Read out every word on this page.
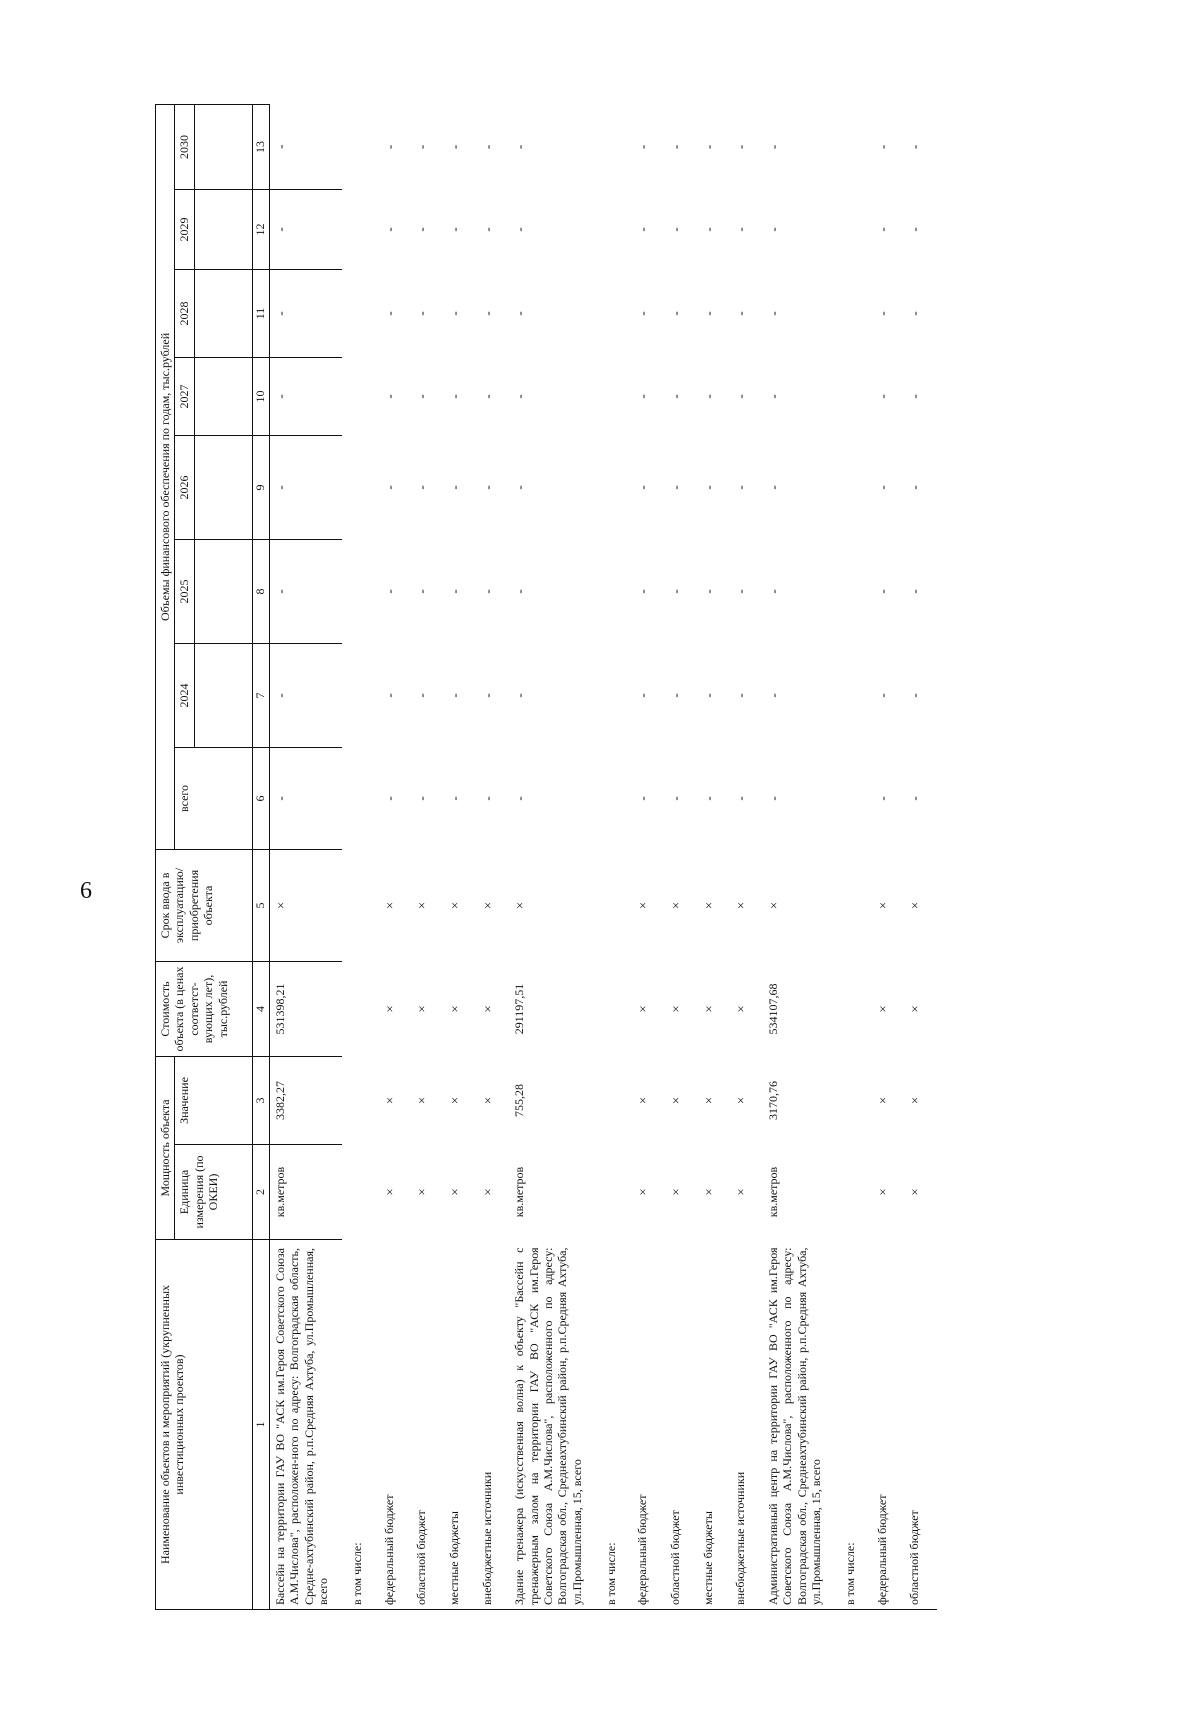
6
Наименование объектов и мероприятий (укрупненных инвестиционных проектов)	Мощность объекта		Стоимость объекта (в ценах соответст-вующих лет), тыс.рублей	Срок ввода в эксплуатацию/ приобретения объекта	Объемы финансового обеспечения по годам, тыс.рублей							
	Единица измерения (по ОКЕИ)	Значение			всего	2024	2025	2026	2027	2028	2029	2030

1	2	3	4	5	6	7	8	9	10	11	12	13
Бассейн на территории ГАУ ВО "АСК им.Героя Советского Союза А.М.Числова", расположен-ного по адресу: Волгоградская область, Средне-ахтубинский район, р.п.Средняя Ахтуба, ул.Промышленная, всего	кв.метров	3382,27	531398,21	×	-	-	-	-	-	-	-	-
в том числе:												
федеральный бюджет	×	×	×	×	-	-	-	-	-	-	-	-
областной бюджет	×	×	×	×	-	-	-	-	-	-	-	-
местные бюджеты	×	×	×	×	-	-	-	-	-	-	-	-
внебюджетные источники	×	×	×	×	-	-	-	-	-	-	-	-
Здание тренажера (искусственная волна) к объекту "Бассейн с тренажерным залом на территории ГАУ ВО "АСК им.Героя Советского Союза А.М.Числова", расположенного по адресу: Волгоградская обл., Среднеахтубинский район, р.п.Средняя Ахтуба, ул.Промышленная, 15, всего	кв.метров	755,28	291197,51	×	-	-	-	-	-	-	-	-
в том числе:												
федеральный бюджет	×	×	×	×	-	-	-	-	-	-	-	-
областной бюджет	×	×	×	×	-	-	-	-	-	-	-	-
местные бюджеты	×	×	×	×	-	-	-	-	-	-	-	-
внебюджетные источники	×	×	×	×	-	-	-	-	-	-	-	-
Административный центр на территории ГАУ ВО "АСК им.Героя Советского Союза А.М.Числова", расположенного по адресу: Волгоградская обл., Среднеахтубинский район, р.п.Средняя Ахтуба, ул.Промышленная, 15, всего	кв.метров	3170,76	534107,68	×	-	-	-	-	-	-	-	-
в том числе:												
федеральный бюджет	×	×	×	×	-	-	-	-	-	-	-	-
областной бюджет	×	×	×	×	-	-	-	-	-	-	-	-
